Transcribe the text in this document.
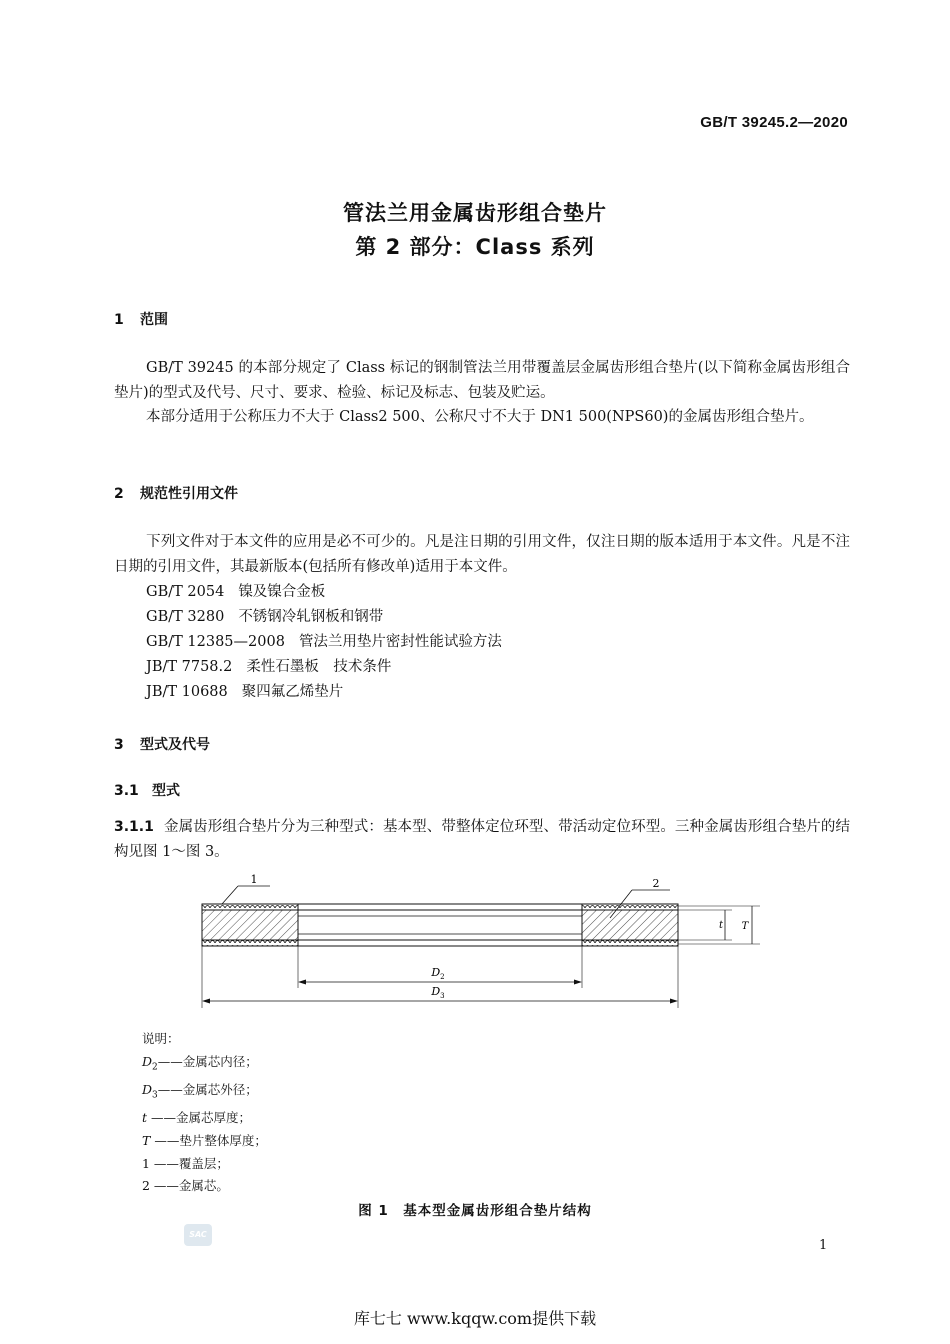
GB/T 39245.2—2020
管法兰用金属齿形组合垫片
第 2 部分：Class 系列
1 范围
GB/T 39245 的本部分规定了 Class 标记的钢制管法兰用带覆盖层金属齿形组合垫片(以下简称金属齿形组合垫片)的型式及代号、尺寸、要求、检验、标记及标志、包装及贮运。
本部分适用于公称压力不大于 Class2 500、公称尺寸不大于 DN1 500(NPS60)的金属齿形组合垫片。
2 规范性引用文件
下列文件对于本文件的应用是必不可少的。凡是注日期的引用文件，仅注日期的版本适用于本文件。凡是不注日期的引用文件，其最新版本(包括所有修改单)适用于本文件。
GB/T 2054 镍及镍合金板
GB/T 3280 不锈钢冷轧钢板和钢带
GB/T 12385—2008 管法兰用垫片密封性能试验方法
JB/T 7758.2 柔性石墨板　技术条件
JB/T 10688 聚四氟乙烯垫片
3 型式及代号
3.1 型式
3.1.1 金属齿形组合垫片分为三种型式：基本型、带整体定位环型、带活动定位环型。三种金属齿形组合垫片的结构见图 1～图 3。
1	2
t T
$D_2$
$D_3$
说明：
$D_2——$金属芯内径；
$D_3——$金属芯外径；
t ——金属芯厚度；
T ——垫片整体厚度；
1 ——覆盖层；
2 ——金属芯。
图 1　基本型金属齿形组合垫片结构
SAC
1
库七七 www.kqqw.com提供下载
